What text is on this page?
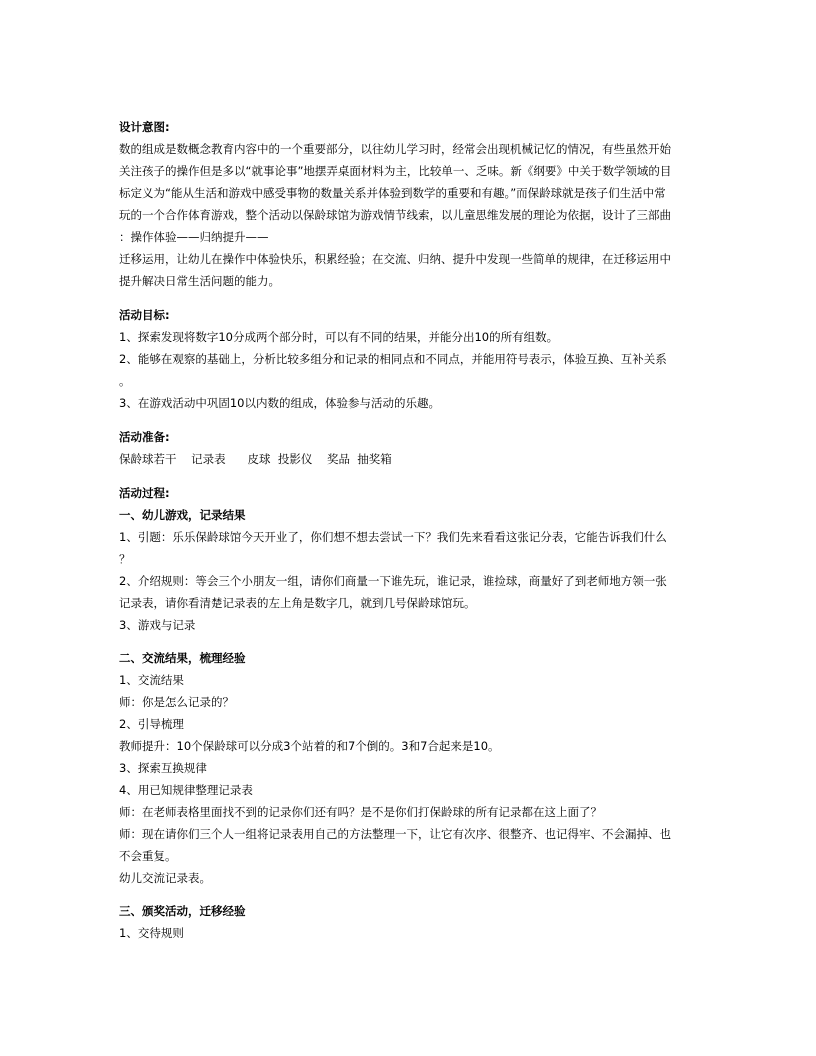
设计意图:
数的组成是数概念教育内容中的一个重要部分，以往幼儿学习时，经常会出现机械记忆的情况，有些虽然开始
关注孩子的操作但是多以“就事论事”地摆弄桌面材料为主，比较单一、乏味。新《纲要》中关于数学领域的目
标定义为“能从生活和游戏中感受事物的数量关系并体验到数学的重要和有趣。”而保龄球就是孩子们生活中常
玩的一个合作体育游戏，整个活动以保龄球馆为游戏情节线索，以儿童思维发展的理论为依据，设计了三部曲
：操作体验——归纳提升——
迁移运用，让幼儿在操作中体验快乐，积累经验；在交流、归纳、提升中发现一些简单的规律，在迁移运用中
提升解决日常生活问题的能力。
活动目标:
1、探索发现将数字10分成两个部分时，可以有不同的结果，并能分出10的所有组数。
2、能够在观察的基础上，分析比较多组分和记录的相同点和不同点，并能用符号表示，体验互换、互补关系
。
3、在游戏活动中巩固10以内数的组成，体验参与活动的乐趣。
活动准备:
保龄球若干    记录表      皮球  投影仪    奖品  抽奖箱
活动过程:
一、幼儿游戏，记录结果
1、引题：乐乐保龄球馆今天开业了，你们想不想去尝试一下？我们先来看看这张记分表，它能告诉我们什么
？
2、介绍规则：等会三个小朋友一组，请你们商量一下谁先玩，谁记录，谁捡球，商量好了到老师地方领一张
记录表，请你看清楚记录表的左上角是数字几，就到几号保龄球馆玩。
3、游戏与记录
二、交流结果，梳理经验
1、交流结果
师：你是怎么记录的？
2、引导梳理
教师提升：10个保龄球可以分成3个站着的和7个倒的。3和7合起来是10。
3、探索互换规律
4、用已知规律整理记录表
师：在老师表格里面找不到的记录你们还有吗？是不是你们打保龄球的所有记录都在这上面了？
师：现在请你们三个人一组将记录表用自己的方法整理一下，让它有次序、很整齐、也记得牢、不会漏掉、也
不会重复。
幼儿交流记录表。
三、颁奖活动，迁移经验
1、交待规则
